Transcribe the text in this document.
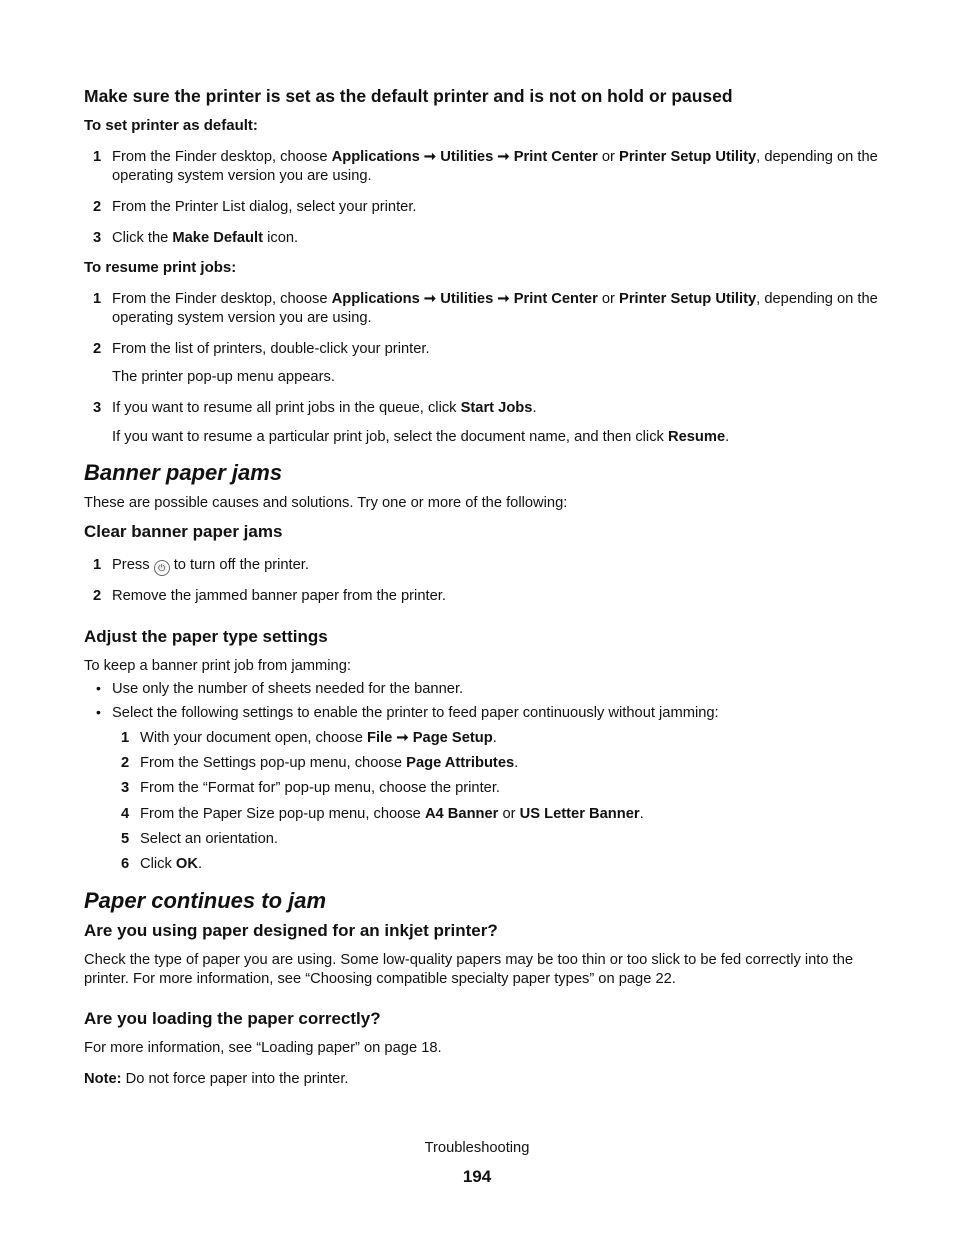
Make sure the printer is set as the default printer and is not on hold or paused

To set printer as default:

1 From the Finder desktop, choose Applications ➞ Utilities ➞ Print Center or Printer Setup Utility, depending on the operating system version you are using.

2 From the Printer List dialog, select your printer.

3 Click the Make Default icon.

To resume print jobs:

1 From the Finder desktop, choose Applications ➞ Utilities ➞ Print Center or Printer Setup Utility, depending on the operating system version you are using.

2 From the list of printers, double-click your printer.

The printer pop-up menu appears.

3 If you want to resume all print jobs in the queue, click Start Jobs.

If you want to resume a particular print job, select the document name, and then click Resume.

Banner paper jams

These are possible causes and solutions. Try one or more of the following:

Clear banner paper jams

1 Press ⏻ to turn off the printer.

2 Remove the jammed banner paper from the printer.

Adjust the paper type settings

To keep a banner print job from jamming:

• Use only the number of sheets needed for the banner.

• Select the following settings to enable the printer to feed paper continuously without jamming:

1 With your document open, choose File ➞ Page Setup.

2 From the Settings pop-up menu, choose Page Attributes.

3 From the “Format for” pop-up menu, choose the printer.

4 From the Paper Size pop-up menu, choose A4 Banner or US Letter Banner.

5 Select an orientation.

6 Click OK.

Paper continues to jam

Are you using paper designed for an inkjet printer?

Check the type of paper you are using. Some low-quality papers may be too thin or too slick to be fed correctly into the printer. For more information, see “Choosing compatible specialty paper types” on page 22.

Are you loading the paper correctly?

For more information, see “Loading paper” on page 18.

Note: Do not force paper into the printer.

Troubleshooting

194
